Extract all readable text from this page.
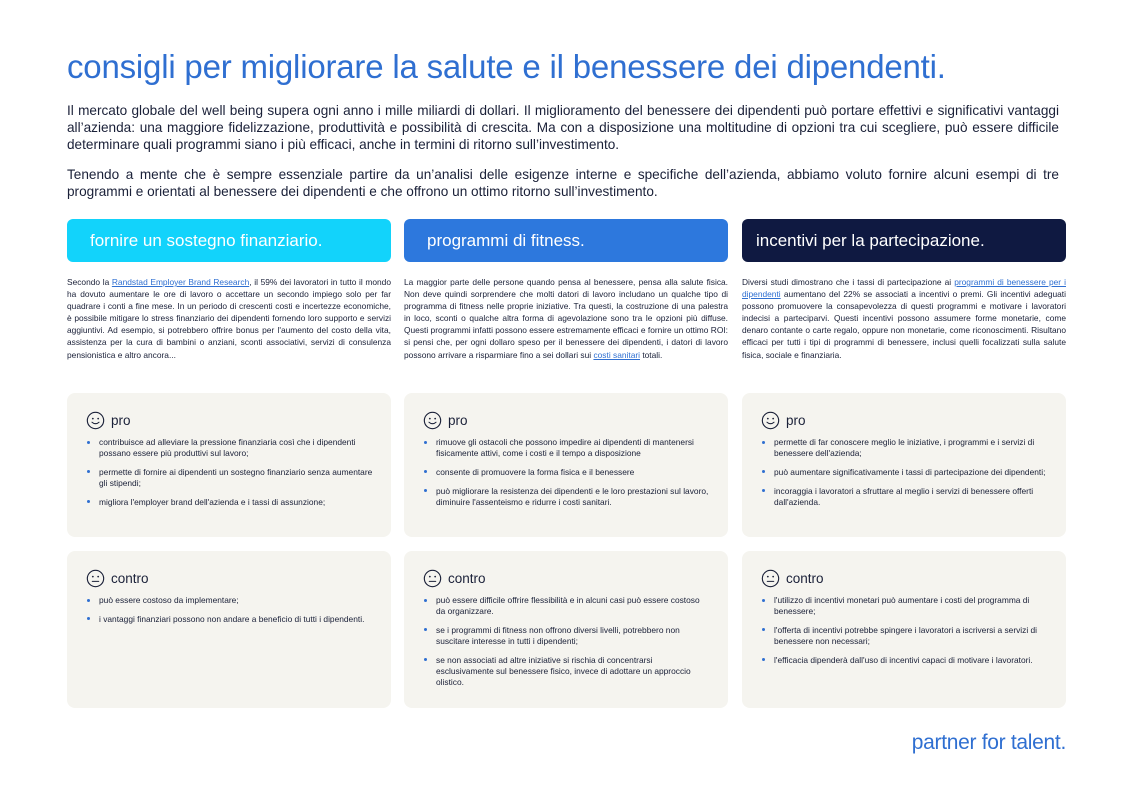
consigli per migliorare la salute e il benessere dei dipendenti.

Il mercato globale del well being supera ogni anno i mille miliardi di dollari. Il miglioramento del benessere dei dipendenti può portare effettivi e significativi vantaggi all’azienda: una maggiore fidelizzazione, produttività e possibilità di crescita. Ma con a disposizione una moltitudine di opzioni tra cui scegliere, può essere difficile determinare quali programmi siano i più efficaci, anche in termini di ritorno sull’investimento.

Tenendo a mente che è sempre essenziale partire da un’analisi delle esigenze interne e specifiche dell’azienda, abbiamo voluto fornire alcuni esempi di tre programmi e orientati al benessere dei dipendenti e che offrono un ottimo ritorno sull’investimento.

fornire un sostegno finanziario.	programmi di fitness.	incentivi per la partecipazione.

Secondo la Randstad Employer Brand Research, il 59% dei lavoratori in tutto il mondo ha dovuto aumentare le ore di lavoro o accettare un secondo impiego solo per far quadrare i conti a fine mese. In un periodo di crescenti costi e incertezze economiche, è possibile mitigare lo stress finanziario dei dipendenti fornendo loro supporto e servizi aggiuntivi. Ad esempio, si potrebbero offrire bonus per l'aumento del costo della vita, assistenza per la cura di bambini o anziani, sconti associativi, servizi di consulenza pensionistica e altro ancora...

La maggior parte delle persone quando pensa al benessere, pensa alla salute fisica. Non deve quindi sorprendere che molti datori di lavoro includano un qualche tipo di programma di fitness nelle proprie iniziative. Tra questi, la costruzione di una palestra in loco, sconti o qualche altra forma di agevolazione sono tra le opzioni più diffuse. Questi programmi infatti possono essere estremamente efficaci e fornire un ottimo ROI: si pensi che, per ogni dollaro speso per il benessere dei dipendenti, i datori di lavoro possono arrivare a risparmiare fino a sei dollari sui costi sanitari totali.

Diversi studi dimostrano che i tassi di partecipazione ai programmi di benessere per i dipendenti aumentano del 22% se associati a incentivi o premi. Gli incentivi adeguati possono promuovere la consapevolezza di questi programmi e motivare i lavoratori indecisi a parteciparvi. Questi incentivi possono assumere forme monetarie, come denaro contante o carte regalo, oppure non monetarie, come riconoscimenti. Risultano efficaci per tutti i tipi di programmi di benessere, inclusi quelli focalizzati sulla salute fisica, sociale e finanziaria.

pro
contribuisce ad alleviare la pressione finanziaria così che i dipendenti possano essere più produttivi sul lavoro;
permette di fornire ai dipendenti un sostegno finanziario senza aumentare gli stipendi;
migliora l'employer brand dell'azienda e i tassi di assunzione;
pro
rimuove gli ostacoli che possono impedire ai dipendenti di mantenersi fisicamente attivi, come i costi e il tempo a disposizione
consente di promuovere la forma fisica e il benessere
può migliorare la resistenza dei dipendenti e le loro prestazioni sul lavoro, diminuire l'assenteismo e ridurre i costi sanitari.
pro
permette di far conoscere meglio le iniziative, i programmi e i servizi di benessere dell'azienda;
può aumentare significativamente i tassi di partecipazione dei dipendenti;
incoraggia i lavoratori a sfruttare al meglio i servizi di benessere offerti dall'azienda.
contro
può essere costoso da implementare;
i vantaggi finanziari possono non andare a beneficio di tutti i dipendenti.
contro
può essere difficile offrire flessibilità e in alcuni casi può essere costoso da organizzare.
se i programmi di fitness non offrono diversi livelli, potrebbero non suscitare interesse in tutti i dipendenti;
se non associati ad altre iniziative si rischia di concentrarsi esclusivamente sul benessere fisico, invece di adottare un approccio olistico.
contro
l'utilizzo di incentivi monetari può aumentare i costi del programma di benessere;
l'offerta di incentivi potrebbe spingere i lavoratori a iscriversi a servizi di benessere non necessari;
l'efficacia dipenderà dall'uso di incentivi capaci di motivare i lavoratori.
partner for talent.
